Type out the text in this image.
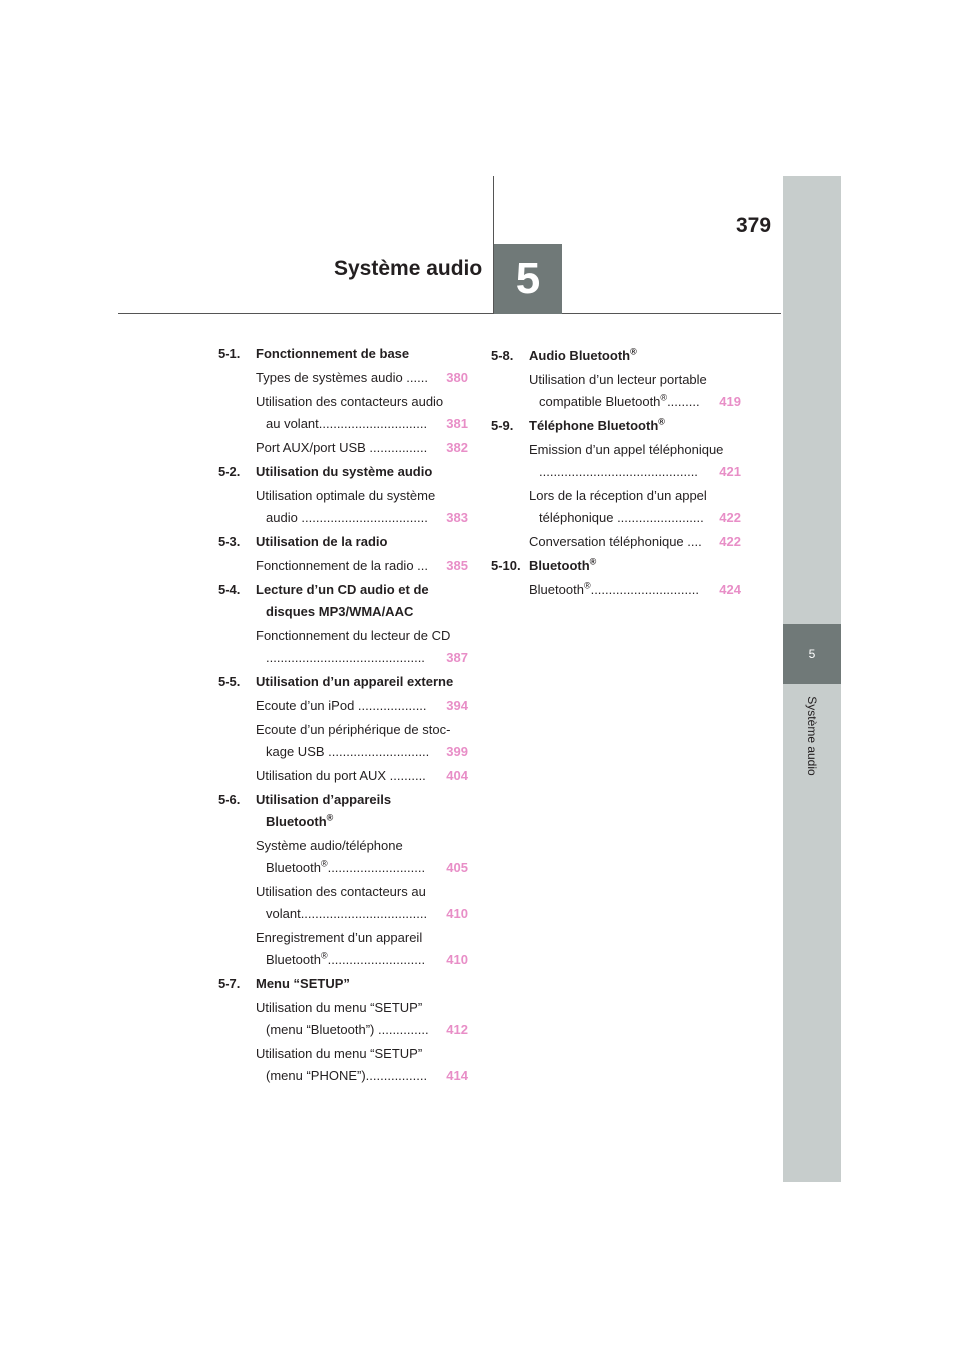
Système audio 5
379
5
Système audio
5-1. Fonctionnement de base
Types de systèmes audio ......	380
Utilisation des contacteurs audio
au volant..............................	381
Port AUX/port USB ................	382
5-2. Utilisation du système audio
Utilisation optimale du système
audio ...................................	383
5-3. Utilisation de la radio
Fonctionnement de la radio ...	385
5-4. Lecture d’un CD audio et de
disques MP3/WMA/AAC
Fonctionnement du lecteur de CD
............................................	387
5-5. Utilisation d’un appareil externe
Ecoute d’un iPod ...................	394
Ecoute d’un périphérique de stoc-
kage USB ............................	399
Utilisation du port AUX ..........	404
5-6. Utilisation d’appareils
Bluetooth®
Système audio/téléphone
Bluetooth®...........................	405
Utilisation des contacteurs au
volant...................................	410
Enregistrement d’un appareil
Bluetooth®...........................	410
5-7. Menu “SETUP”
Utilisation du menu “SETUP”
(menu “Bluetooth”) ..............	412
Utilisation du menu “SETUP”
(menu “PHONE”).................	414
5-8. Audio Bluetooth®
Utilisation d’un lecteur portable
compatible Bluetooth®.........	419
5-9. Téléphone Bluetooth®
Emission d’un appel téléphonique
............................................	421
Lors de la réception d’un appel
téléphonique ........................	422
Conversation téléphonique ....	422
5-10. Bluetooth®
Bluetooth®..............................	424
